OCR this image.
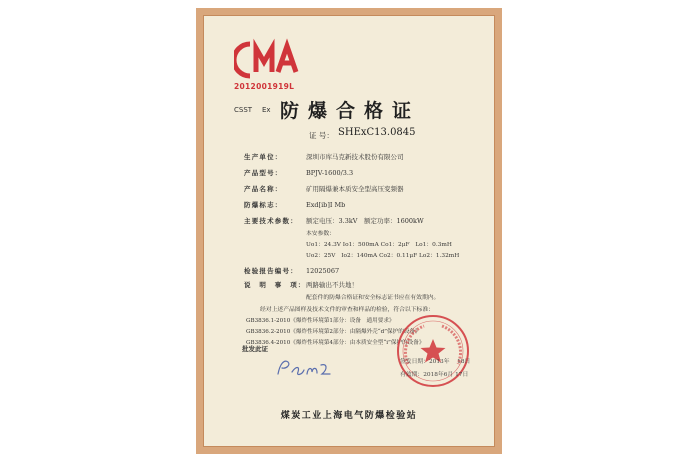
2012001919L
CSST Ex 防爆合格证
证 号： SHExC13.0845
生产单位：	深圳市库马克新技术股份有限公司
产品型号：	BPJV-1600/3.3
产品名称：	矿用隔爆兼本质安全型高压变频器
防爆标志：	Exd[ib]I Mb
主要技术参数： 额定电压：3.3kV　额定功率：1600kW
本安参数：
Uo1：24.3V Io1：500mA Co1：2μF　Lo1：0.3mH
Uo2：25V　Io2：140mA Co2：0.11μF Lo2：1.32mH
检验报告编号： 12025067
说　明　事　项：两路输出不共地！
配套件的防爆合格证和安全标志证书应在有效期内。
经对上述产品图样及技术文件的审查和样品的检验，符合以下标准：
GB3836.1-2010《爆炸性环境第1部分：设备　通用要求》
GB3836.2-2010《爆炸性环境第2部分：由隔爆外壳“d”保护的设备》
GB3836.4-2010《爆炸性环境第4部分：由本质安全型“i”保护的设备》
批发此证
签发日期：2013年 　18日
有效期：2018年6月 17日
煤炭工业上海电气防爆检验站
